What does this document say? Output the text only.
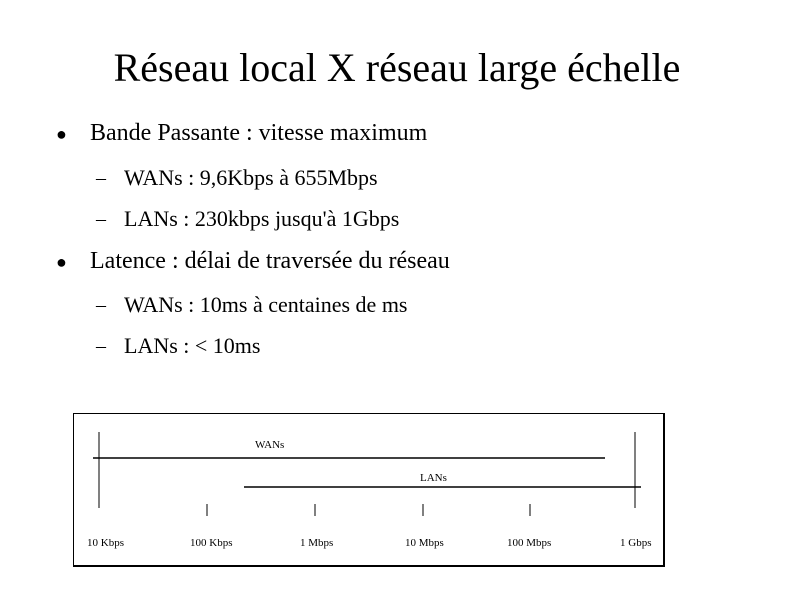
Réseau local X réseau large échelle
● Bande Passante : vitesse maximum
– WANs : 9,6Kbps à 655Mbps
– LANs : 230kbps jusqu'à 1Gbps
● Latence : délai de traversée du réseau
– WANs : 10ms à centaines de ms
– LANs : < 10ms
WANs
LANs
10 Kbps	100 Kbps	1 Mbps	10 Mbps	100 Mbps	1 Gbps
